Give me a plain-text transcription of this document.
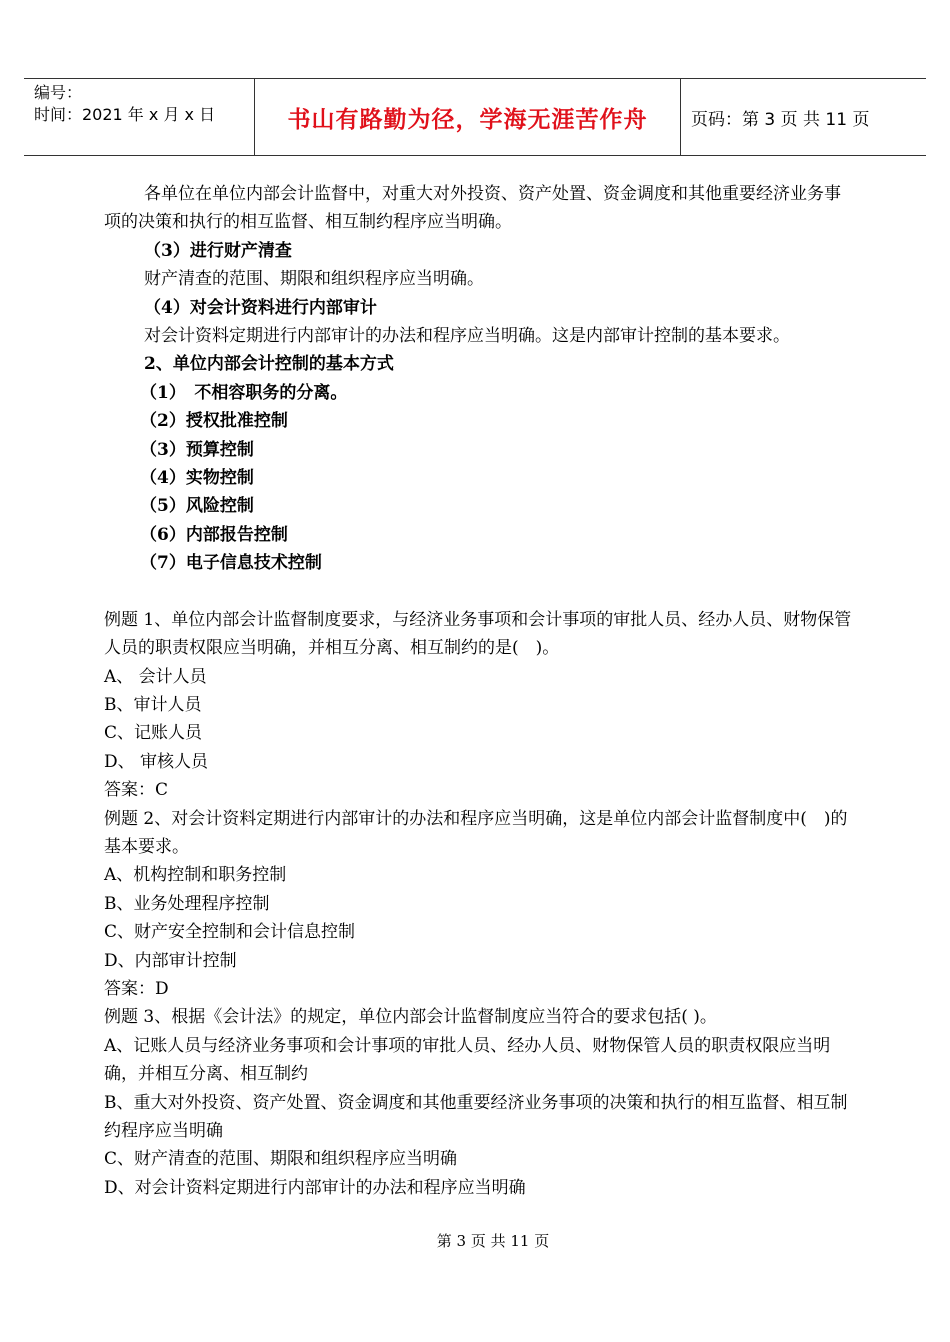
编号：
时间：2021 年 x 月 x 日	书山有路勤为径，学海无涯苦作舟	页码：第 3 页 共 11 页

各单位在单位内部会计监督中，对重大对外投资、资产处置、资金调度和其他重要经济业务事项的决策和执行的相互监督、相互制约程序应当明确。

（3）进行财产清查

财产清查的范围、期限和组织程序应当明确。

（4）对会计资料进行内部审计

对会计资料定期进行内部审计的办法和程序应当明确。这是内部审计控制的基本要求。

2、单位内部会计控制的基本方式

（1）　不相容职务的分离。

（2）授权批准控制

（3）预算控制

（4）实物控制

（5）风险控制

（6）内部报告控制

（7）电子信息技术控制

例题 1、单位内部会计监督制度要求，与经济业务事项和会计事项的审批人员、经办人员、财物保管人员的职责权限应当明确，并相互分离、相互制约的是(　)。

A、 会计人员

B、审计人员

C、记账人员

D、 审核人员

答案：C

例题 2、对会计资料定期进行内部审计的办法和程序应当明确，这是单位内部会计监督制度中(　)的基本要求。

A、机构控制和职务控制

B、业务处理程序控制

C、财产安全控制和会计信息控制

D、内部审计控制

答案：D

例题 3、根据《会计法》的规定，单位内部会计监督制度应当符合的要求包括( )。

A、记账人员与经济业务事项和会计事项的审批人员、经办人员、财物保管人员的职责权限应当明确，并相互分离、相互制约

B、重大对外投资、资产处置、资金调度和其他重要经济业务事项的决策和执行的相互监督、相互制约程序应当明确

C、财产清查的范围、期限和组织程序应当明确

D、对会计资料定期进行内部审计的办法和程序应当明确

第 3 页 共 11 页
